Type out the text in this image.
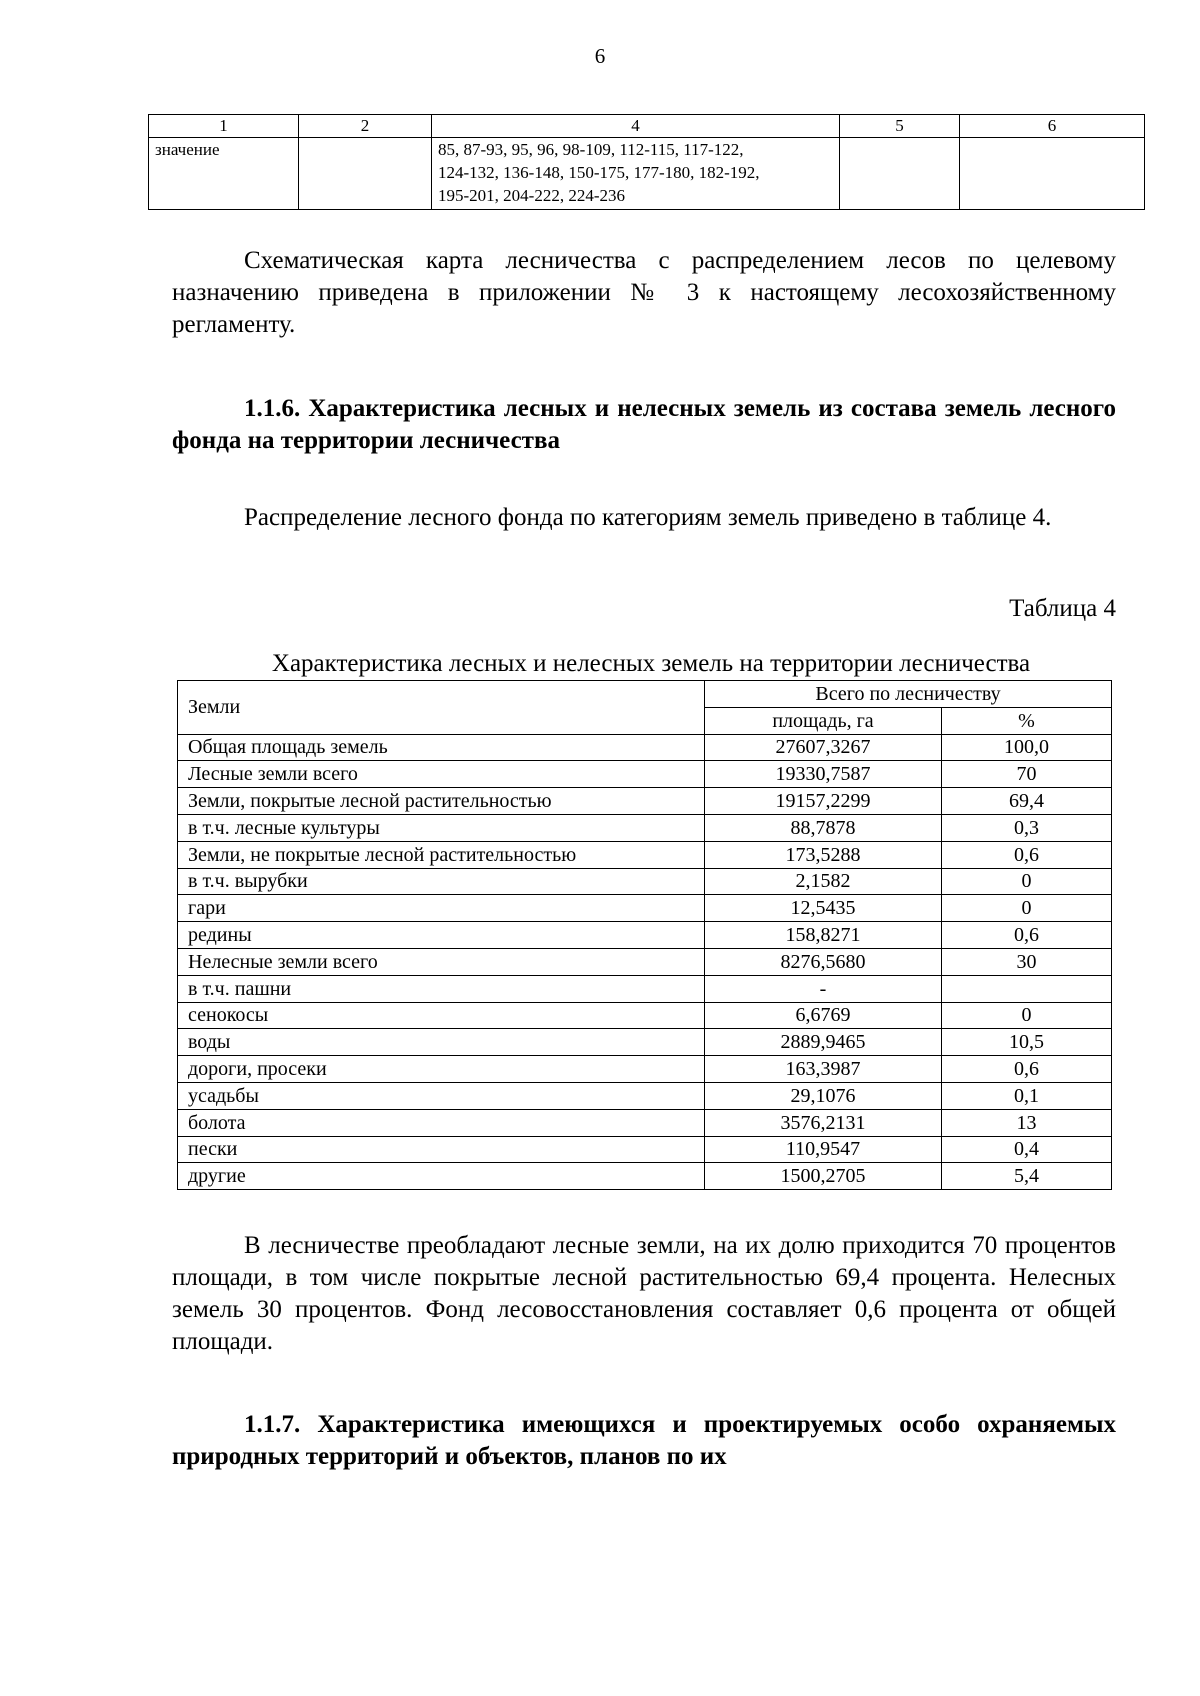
6
1	2	4	5	6
значение		85, 87-93, 95, 96, 98-109, 112-115, 117-122,
124-132, 136-148, 150-175, 177-180, 182-192,
195-201, 204-222, 224-236		

Схематическая карта лесничества с распределением лесов по целевому назначению приведена в приложении № 3 к настоящему лесохозяйственному регламенту.

1.1.6. Характеристика лесных и нелесных земель из состава земель лесного фонда на территории лесничества

Распределение лесного фонда по категориям земель приведено в таблице 4.

Таблица 4
Характеристика лесных и нелесных земель на территории лесничества
Земли	Всего по лесничеству	
	площадь, га	%
Общая площадь земель	27607,3267	100,0
Лесные земли всего	19330,7587	70
Земли, покрытые лесной растительностью	19157,2299	69,4
в т.ч. лесные культуры	88,7878	0,3
Земли, не покрытые лесной растительностью	173,5288	0,6
в т.ч. вырубки	2,1582	0
гари	12,5435	0
редины	158,8271	0,6
Нелесные земли всего	8276,5680	30
в т.ч. пашни	-	
сенокосы	6,6769	0
воды	2889,9465	10,5
дороги, просеки	163,3987	0,6
усадьбы	29,1076	0,1
болота	3576,2131	13
пески	110,9547	0,4
другие	1500,2705	5,4

В лесничестве преобладают лесные земли, на их долю приходится 70 процентов площади, в том числе покрытые лесной растительностью 69,4 процента. Нелесных земель 30 процентов. Фонд лесовосстановления составляет 0,6 процента от общей площади.

1.1.7. Характеристика имеющихся и проектируемых особо охраняемых природных территорий и объектов, планов по их
